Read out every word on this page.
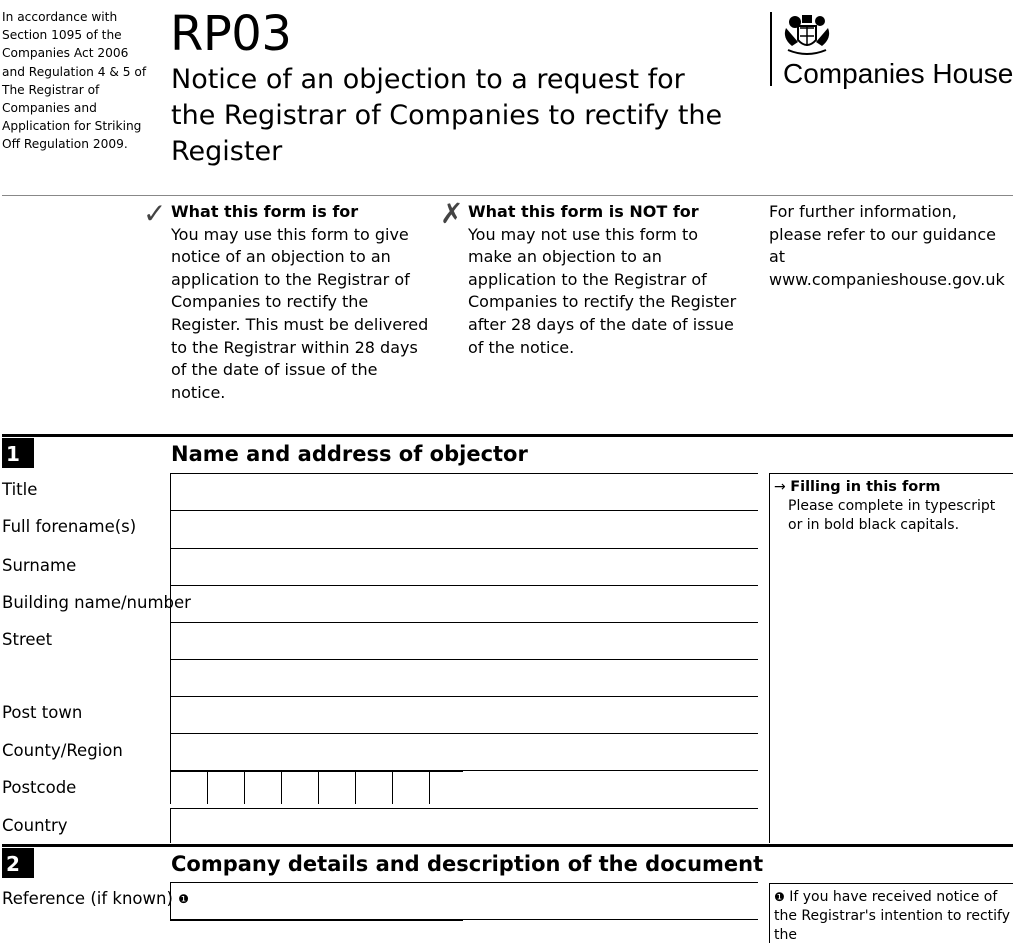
In accordance with Section 1095 of the Companies Act 2006 and Regulation 4 & 5 of The Registrar of Companies and Application for Striking Off Regulation 2009.
RP03
Notice of an objection to a request for the Registrar of Companies to rectify the Register
Companies House
✓ What this form is for
You may use this form to give notice of an objection to an application to the Registrar of Companies to rectify the Register. This must be delivered to the Registrar within 28 days of the date of issue of the notice.
✗ What this form is NOT for
You may not use this form to make an objection to an application to the Registrar of Companies to rectify the Register after 28 days of the date of issue of the notice.
For further information, please refer to our guidance at www.companieshouse.gov.uk
1	Name and address of objector
Title
Full forename(s)
Surname
Building name/number
Street
Post town
County/Region
Postcode
Country
→ Filling in this form
Please complete in typescript or in bold black capitals.
2	Company details and description of the document
Reference (if known) $^❶$	❶ If you have received notice of the Registrar's intention to rectify the
